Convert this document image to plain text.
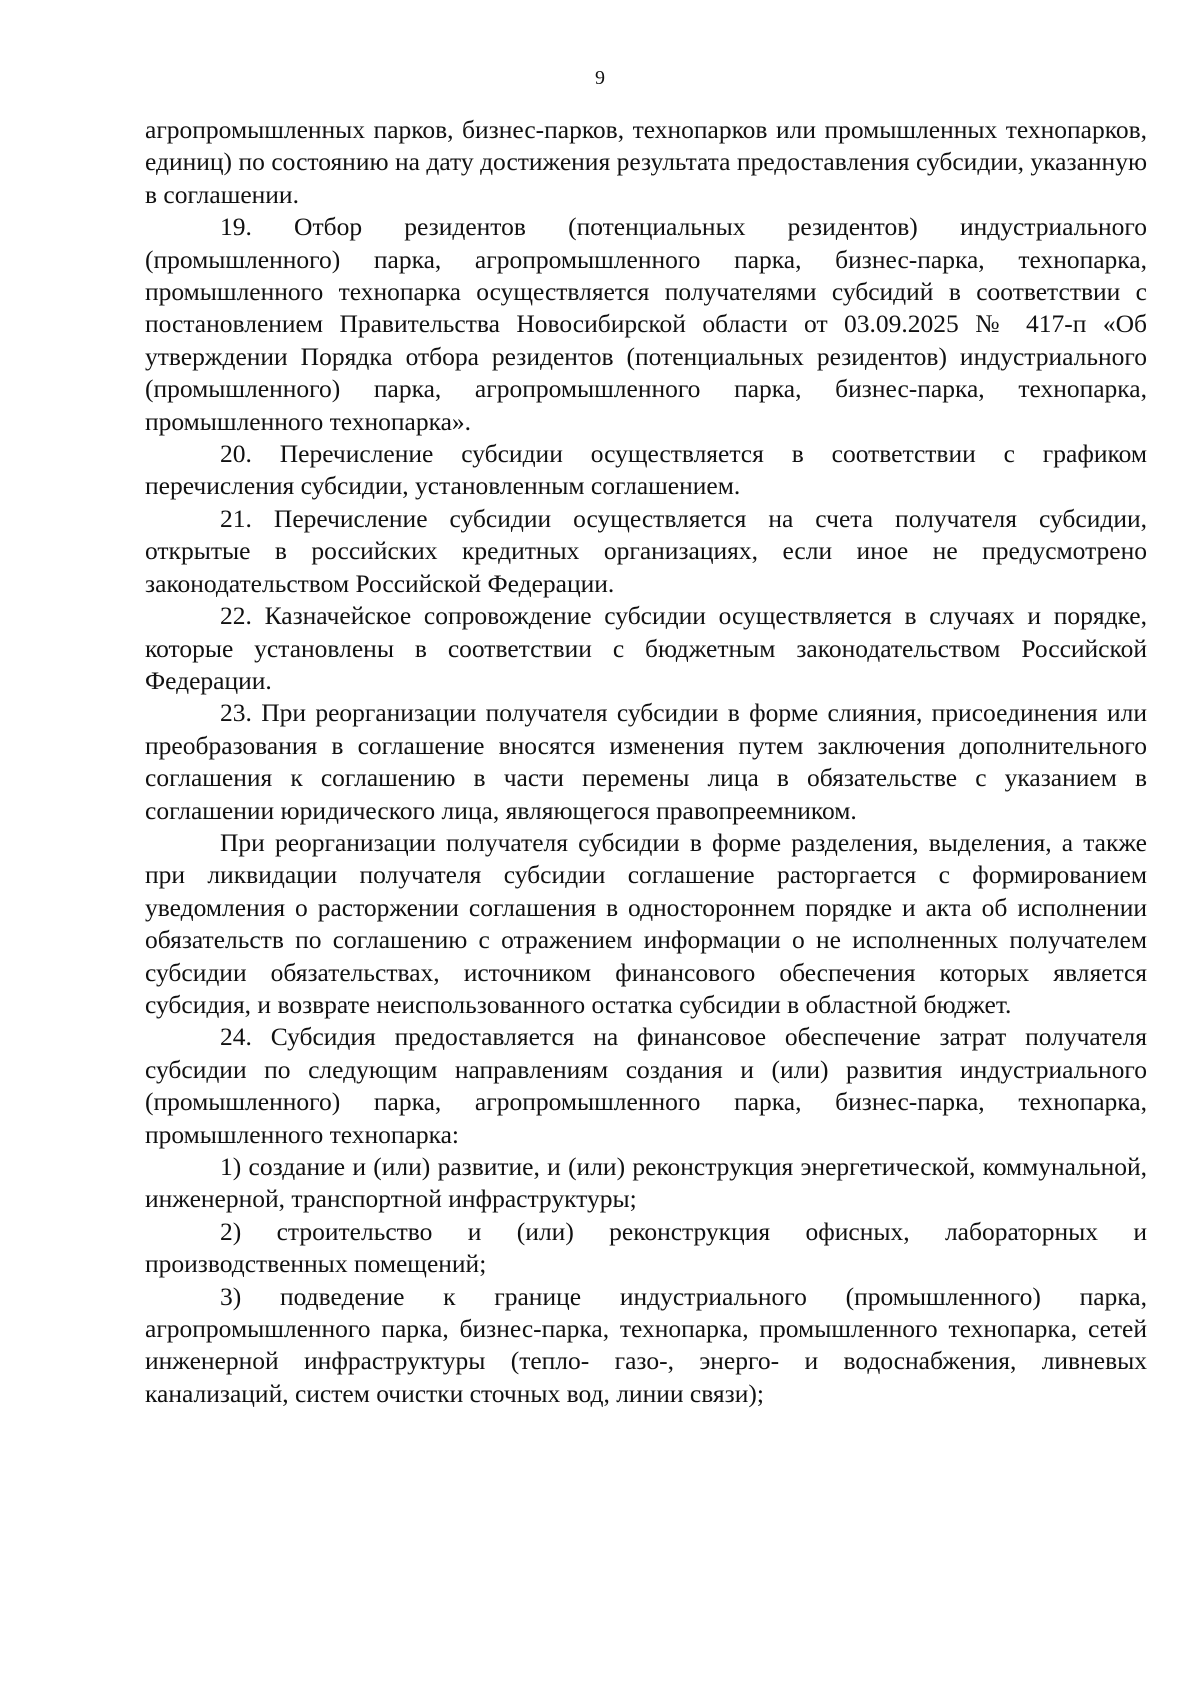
9

агропромышленных парков, бизнес-парков, технопарков или промышленных технопарков, единиц) по состоянию на дату достижения результата предоставления субсидии, указанную в соглашении.

19. Отбор резидентов (потенциальных резидентов) индустриального (промышленного) парка, агропромышленного парка, бизнес-парка, технопарка, промышленного технопарка осуществляется получателями субсидий в соответствии с постановлением Правительства Новосибирской области от 03.09.2025 № 417-п «Об утверждении Порядка отбора резидентов (потенциальных резидентов) индустриального (промышленного) парка, агропромышленного парка, бизнес-парка, технопарка, промышленного технопарка».

20. Перечисление субсидии осуществляется в соответствии с графиком перечисления субсидии, установленным соглашением.

21. Перечисление субсидии осуществляется на счета получателя субсидии, открытые в российских кредитных организациях, если иное не предусмотрено законодательством Российской Федерации.

22. Казначейское сопровождение субсидии осуществляется в случаях и порядке, которые установлены в соответствии с бюджетным законодательством Российской Федерации.

23. При реорганизации получателя субсидии в форме слияния, присоединения или преобразования в соглашение вносятся изменения путем заключения дополнительного соглашения к соглашению в части перемены лица в обязательстве с указанием в соглашении юридического лица, являющегося правопреемником.

При реорганизации получателя субсидии в форме разделения, выделения, а также при ликвидации получателя субсидии соглашение расторгается с формированием уведомления о расторжении соглашения в одностороннем порядке и акта об исполнении обязательств по соглашению с отражением информации о не исполненных получателем субсидии обязательствах, источником финансового обеспечения которых является субсидия, и возврате неиспользованного остатка субсидии в областной бюджет.

24. Субсидия предоставляется на финансовое обеспечение затрат получателя субсидии по следующим направлениям создания и (или) развития индустриального (промышленного) парка, агропромышленного парка, бизнес-парка, технопарка, промышленного технопарка:

1) создание и (или) развитие, и (или) реконструкция энергетической, коммунальной, инженерной, транспортной инфраструктуры;

2) строительство и (или) реконструкция офисных, лабораторных и производственных помещений;

3) подведение к границе индустриального (промышленного) парка, агропромышленного парка, бизнес-парка, технопарка, промышленного технопарка, сетей инженерной инфраструктуры (тепло- газо-, энерго- и водоснабжения, ливневых канализаций, систем очистки сточных вод, линии связи);
